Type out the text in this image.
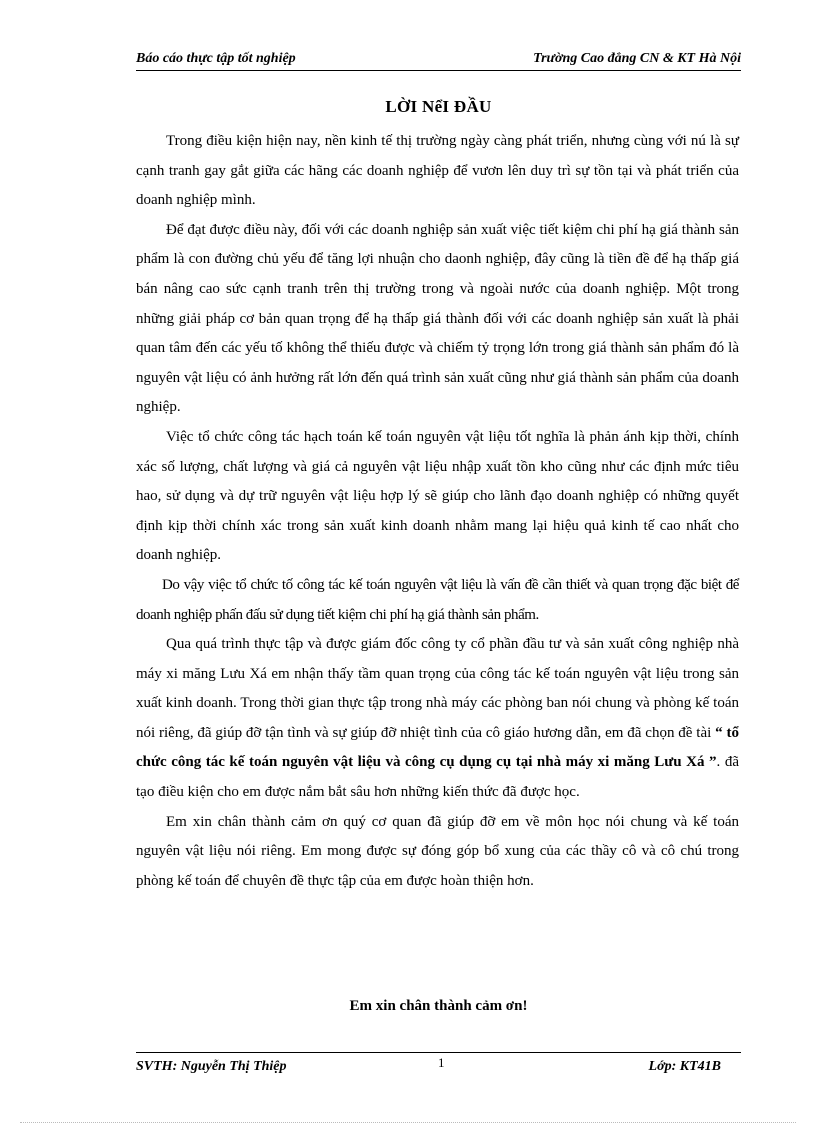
Báo cáo thực tập tốt nghiệp	Trường Cao đẳng CN & KT Hà Nội
LỜI NểI ĐẦU

Trong điều kiện hiện nay, nền kinh tế thị trường ngày càng phát triển, nhưng cùng với nú là sự cạnh tranh gay gắt giữa các hãng các doanh nghiệp để vươn lên duy trì sự tồn tại và phát triển của doanh nghiệp mình.

Để đạt được điều này, đối với các doanh nghiệp sản xuất việc tiết kiệm chi phí hạ giá thành sản phẩm là con đường chủ yếu để tăng lợi nhuận cho daonh nghiệp, đây cũng là tiền đề để hạ thấp giá bán nâng cao sức cạnh tranh trên thị trường trong và ngoài nước của doanh nghiệp. Một trong những giải pháp cơ bản quan trọng để hạ thấp giá thành đối với các doanh nghiệp sản xuất là phải quan tâm đến các yếu tố không thể thiếu được và chiếm tỷ trọng lớn trong giá thành sản phẩm đó là nguyên vật liệu có ảnh hưởng rất lớn đến quá trình sản xuất cũng như giá thành sản phẩm của doanh nghiệp.

Việc tổ chức công tác hạch toán kế toán nguyên vật liệu tốt nghĩa là phản ánh kịp thời, chính xác số lượng, chất lượng và giá cả nguyên vật liệu nhập xuất tồn kho cũng như các định mức tiêu hao, sử dụng và dự trữ nguyên vật liệu hợp lý sẽ giúp cho lãnh đạo doanh nghiệp có những quyết định kịp thời chính xác trong sản xuất kinh doanh nhằm mang lại hiệu quả kinh tế cao nhất cho doanh nghiệp.

Do vậy việc tổ chức tố công tác kế toán nguyên vật liệu là vấn đề cần thiết và quan trọng đặc biệt để doanh nghiệp phấn đấu sử dụng tiết kiệm chi phí hạ giá thành sản phẩm.

Qua quá trình thực tập và được giám đốc công ty cổ phần đầu tư và sản xuất công nghiệp nhà máy xi măng Lưu Xá em nhận thấy tầm quan trọng của công tác kế toán nguyên vật liệu trong sản xuất kinh doanh. Trong thời gian thực tập trong nhà máy các phòng ban nói chung và phòng kế toán nói riêng, đã giúp đỡ tận tình và sự giúp đỡ nhiệt tình của cô giáo hương dẫn, em đã chọn đề tài “ tổ chức công tác kế toán nguyên vật liệu và công cụ dụng cụ tại nhà máy xi măng Lưu Xá ”. đã tạo điều kiện cho em được nắm bắt sâu hơn những kiến thức đã được học.

Em xin chân thành cảm ơn quý cơ quan đã giúp đỡ em về môn học nói chung và kế toán nguyên vật liệu nói riêng. Em mong được sự đóng góp bổ xung của các thầy cô và cô chú trong phòng kế toán để chuyên đề thực tập của em được hoàn thiện hơn.

Em xin chân thành cảm ơn!
SVTH: Nguyễn Thị Thiệp	1	Lớp: KT41B
